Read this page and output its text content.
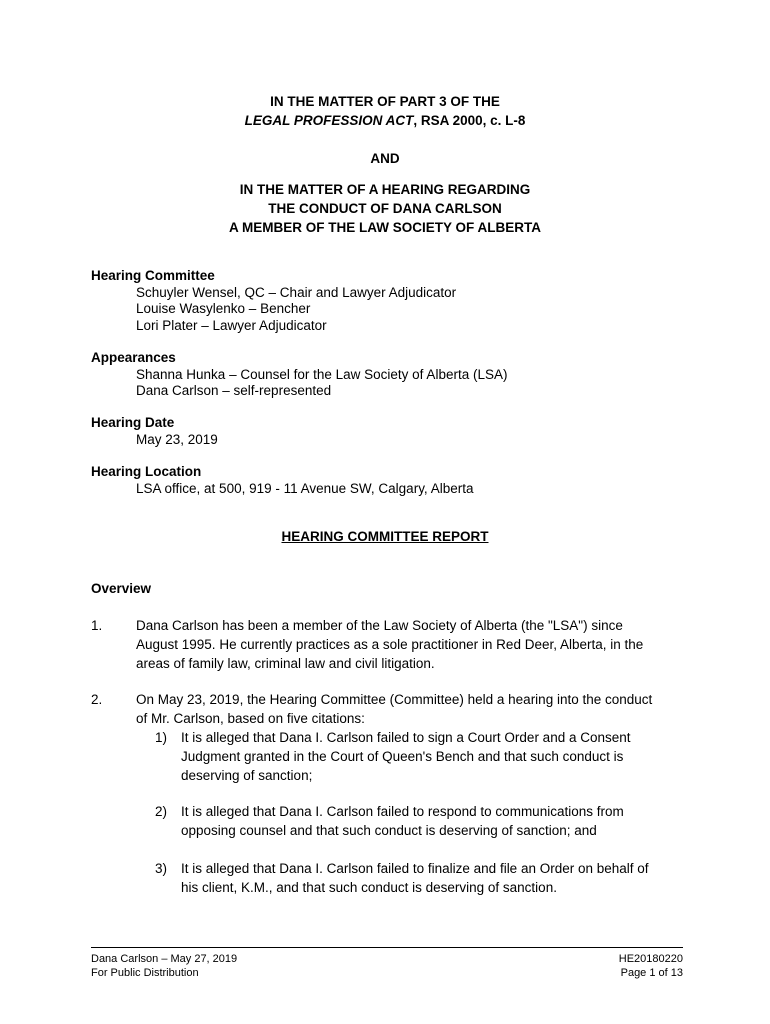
IN THE MATTER OF PART 3 OF THE
LEGAL PROFESSION ACT, RSA 2000, c. L-8
AND
IN THE MATTER OF A HEARING REGARDING
THE CONDUCT OF DANA CARLSON
A MEMBER OF THE LAW SOCIETY OF ALBERTA
Hearing Committee
Schuyler Wensel, QC – Chair and Lawyer Adjudicator
Louise Wasylenko – Bencher
Lori Plater – Lawyer Adjudicator
Appearances
Shanna Hunka – Counsel for the Law Society of Alberta (LSA)
Dana Carlson – self-represented
Hearing Date
May 23, 2019
Hearing Location
LSA office, at 500, 919 - 11 Avenue SW, Calgary, Alberta
HEARING COMMITTEE REPORT
Overview
1. Dana Carlson has been a member of the Law Society of Alberta (the "LSA") since
August 1995. He currently practices as a sole practitioner in Red Deer, Alberta, in the
areas of family law, criminal law and civil litigation.
2. On May 23, 2019, the Hearing Committee (Committee) held a hearing into the conduct
of Mr. Carlson, based on five citations:
1) It is alleged that Dana I. Carlson failed to sign a Court Order and a Consent
Judgment granted in the Court of Queen's Bench and that such conduct is
deserving of sanction;
2) It is alleged that Dana I. Carlson failed to respond to communications from
opposing counsel and that such conduct is deserving of sanction; and
3) It is alleged that Dana I. Carlson failed to finalize and file an Order on behalf of
his client, K.M., and that such conduct is deserving of sanction.
Dana Carlson – May 27, 2019
For Public Distribution
HE20180220
Page 1 of 13
